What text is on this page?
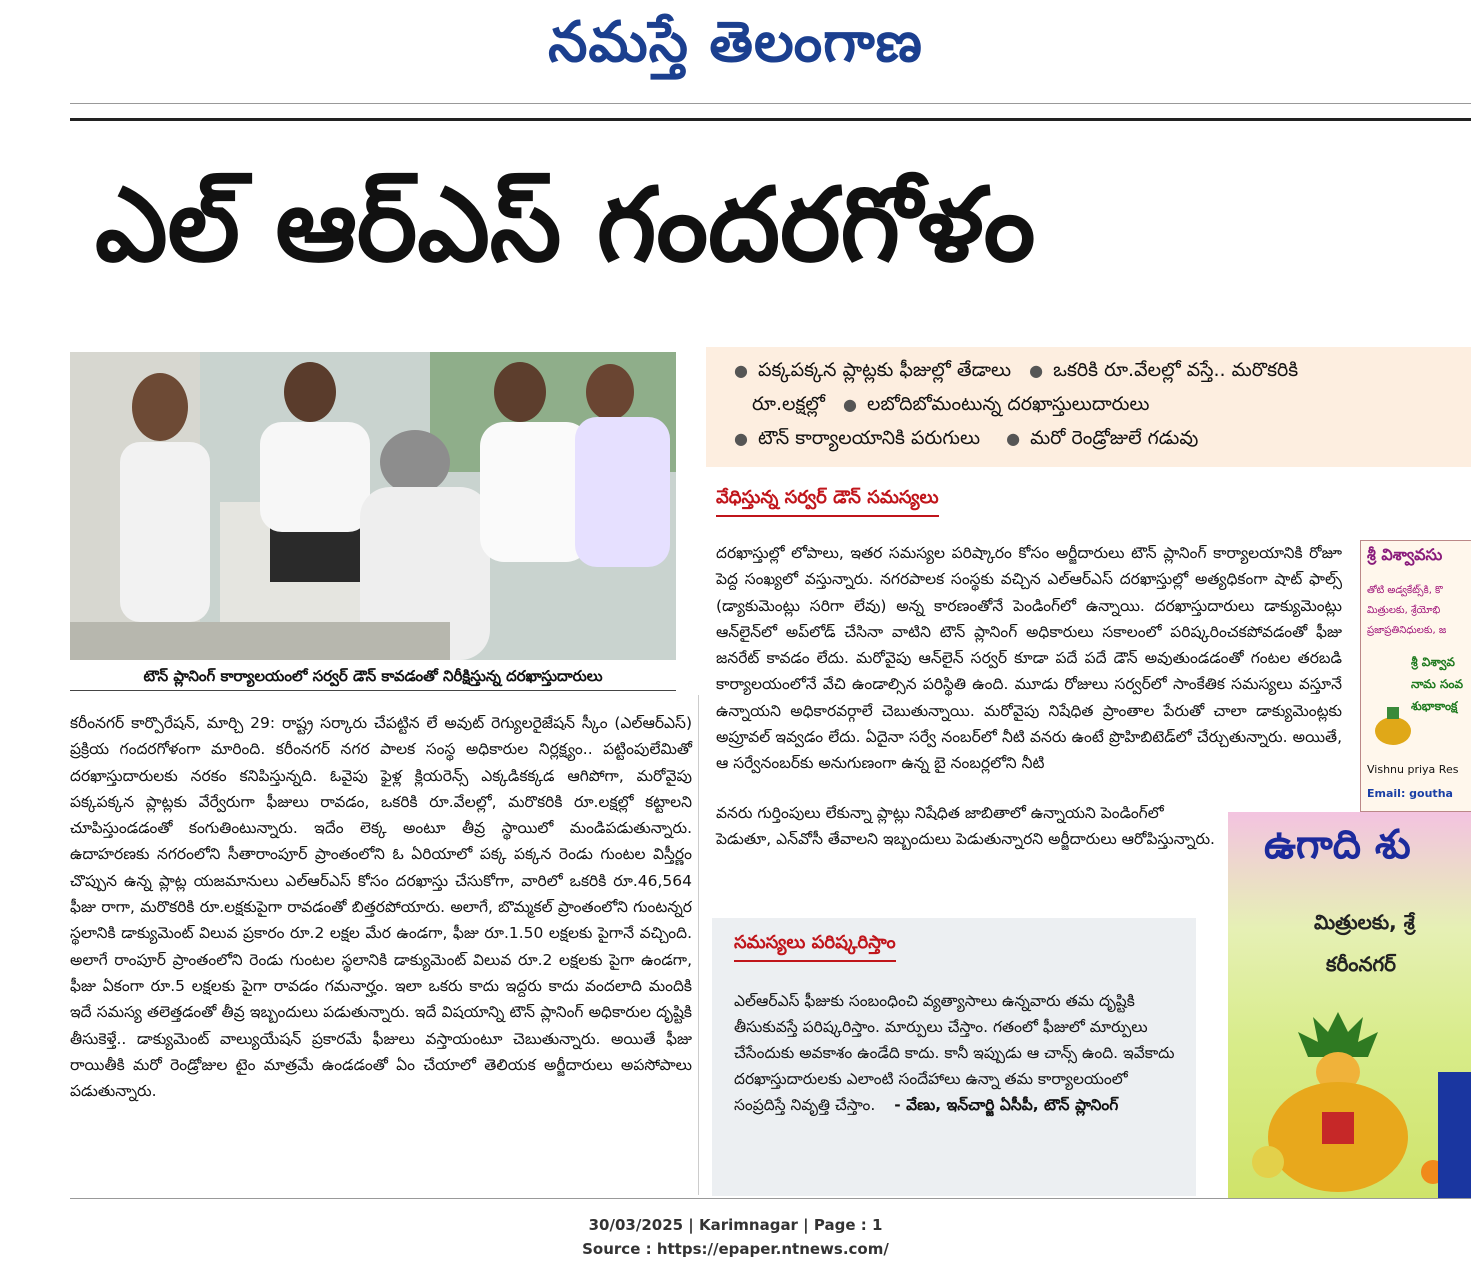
నమస్తే తెలంగాణ
ఎల్ ఆర్‌ఎస్ గందరగోళం
టౌన్ ప్లానింగ్ కార్యాలయంలో సర్వర్ డౌన్ కావడంతో నిరీక్షిస్తున్న దరఖాస్తుదారులు
కరీంనగర్ కార్పొరేషన్, మార్చి 29: రాష్ట్ర సర్కారు చేపట్టిన లే అవుట్ రెగ్యులరైజేషన్ స్కీం (ఎల్‌ఆర్‌ఎస్) ప్రక్రియ గందరగోళంగా మారింది. కరీంనగర్ నగర పాలక సంస్థ అధికారుల నిర్లక్ష్యం.. పట్టింపులేమితో దరఖాస్తుదారులకు నరకం కనిపిస్తున్నది. ఓవైపు ఫైళ్ల క్లియరెన్స్ ఎక్కడికక్కడ ఆగిపోగా, మరోవైపు పక్కపక్కన ప్లాట్లకు వేర్వేరుగా ఫీజులు రావడం, ఒకరికి రూ.వేలల్లో, మరొకరికి రూ.లక్షల్లో కట్టాలని చూపిస్తుండడంతో కంగుతింటున్నారు. ఇదేం లెక్క అంటూ తీవ్ర స్థాయిలో మండిపడుతున్నారు. ఉదాహరణకు నగరంలోని సీతారాంపూర్ ప్రాంతంలోని ఓ ఏరియాలో పక్క పక్కన రెండు గుంటల విస్తీర్ణం చొప్పున ఉన్న ప్లాట్ల యజమానులు ఎల్‌ఆర్‌ఎస్ కోసం దరఖాస్తు చేసుకోగా, వారిలో ఒకరికి రూ.46,564 ఫీజు రాగా, మరొకరికి రూ.లక్షకుపైగా రావడంతో బిత్తరపోయారు. అలాగే, బొమ్మకల్ ప్రాంతంలోని గుంటన్నర స్థలానికి డాక్యుమెంట్ విలువ ప్రకారం రూ.2 లక్షల మేర ఉండగా, ఫీజు రూ.1.50 లక్షలకు పైగానే వచ్చింది. అలాగే రాంపూర్ ప్రాంతంలోని రెండు గుంటల స్థలానికి డాక్యుమెంట్ విలువ రూ.2 లక్షలకు పైగా ఉండగా, ఫీజు ఏకంగా రూ.5 లక్షలకు పైగా రావడం గమనార్హం. ఇలా ఒకరు కాదు ఇద్దరు కాదు వందలాది మందికి ఇదే సమస్య తలెత్తడంతో తీవ్ర ఇబ్బందులు పడుతున్నారు. ఇదే విషయాన్ని టౌన్ ప్లానింగ్ అధికారుల దృష్టికి తీసుకెళ్తే.. డాక్యుమెంట్ వాల్యుయేషన్ ప్రకారమే ఫీజులు వస్తాయంటూ చెబుతున్నారు. అయితే ఫీజు రాయితీకి మరో రెండ్రోజుల టైం మాత్రమే ఉండడంతో ఏం చేయాలో తెలియక అర్జీదారులు అపసోపాలు పడుతున్నారు.
● పక్కపక్కన ప్లాట్లకు ఫీజుల్లో తేడాలు ● ఒకరికి రూ.వేలల్లో వస్తే.. మరొకరికి
రూ.లక్షల్లో ● లబోదిబోమంటున్న దరఖాస్తులుదారులు
● టౌన్ కార్యాలయానికి పరుగులు ● మరో రెండ్రోజులే గడువు
వేధిస్తున్న సర్వర్ డౌన్ సమస్యలు
దరఖాస్తుల్లో లోపాలు, ఇతర సమస్యల పరిష్కారం కోసం అర్జీదారులు టౌన్ ప్లానింగ్ కార్యాలయానికి రోజూ పెద్ద సంఖ్యలో వస్తున్నారు. నగరపాలక సంస్థకు వచ్చిన ఎల్‌ఆర్‌ఎస్ దరఖాస్తుల్లో అత్యధికంగా షాట్ ఫాల్స్ (డ్యాకుమెంట్లు సరిగా లేవు) అన్న కారణంతోనే పెండింగ్‌లో ఉన్నాయి. దరఖాస్తుదారులు డాక్యుమెంట్లు ఆన్‌లైన్‌లో అప్‌లోడ్ చేసినా వాటిని టౌన్ ప్లానింగ్ అధికారులు సకాలంలో పరిష్కరించకపోవడంతో ఫీజు జనరేట్ కావడం లేదు. మరోవైపు ఆన్‌లైన్ సర్వర్ కూడా పదే పదే డౌన్ అవుతుండడంతో గంటల తరబడి కార్యాలయంలోనే వేచి ఉండాల్సిన పరిస్థితి ఉంది. మూడు రోజులు సర్వర్‌లో సాంకేతిక సమస్యలు వస్తూనే ఉన్నాయని అధికారవర్గాలే చెబుతున్నాయి. మరోవైపు నిషేధిత ప్రాంతాల పేరుతో చాలా డాక్యుమెంట్లకు అప్రూవల్ ఇవ్వడం లేదు. ఏదైనా సర్వే నంబర్‌లో నీటి వనరు ఉంటే ప్రొహిబిటెడ్‌లో చేర్చుతున్నారు. అయితే, ఆ సర్వేనంబర్‌కు అనుగుణంగా ఉన్న బై నంబర్లలోని నీటి
వనరు గుర్తింపులు లేకున్నా ప్లాట్లు నిషేధిత జాబితాలో ఉన్నాయని పెండింగ్‌లో పెడుతూ, ఎన్‌వోసీ తేవాలని ఇబ్బందులు పెడుతున్నారని అర్జీదారులు ఆరోపిస్తున్నారు.
సమస్యలు పరిష్కరిస్తాం
ఎల్‌ఆర్‌ఎస్ ఫీజుకు సంబంధించి వ్యత్యాసాలు ఉన్నవారు తమ దృష్టికి తీసుకువస్తే పరిష్కరిస్తాం. మార్పులు చేస్తాం. గతంలో ఫీజులో మార్పులు చేసేందుకు అవకాశం ఉండేది కాదు. కానీ ఇప్పుడు ఆ చాన్స్ ఉంది. ఇవేకాదు దరఖాస్తుదారులకు ఎలాంటి సందేహాలు ఉన్నా తమ కార్యాలయంలో సంప్రదిస్తే నివృత్తి చేస్తాం. - వేణు, ఇన్‌చార్జి ఏసీపీ, టౌన్ ప్లానింగ్
శ్రీ విశ్వావసు
తోటి అడ్వకేట్స్‌కి, కొ
మిత్రులకు, శ్రేయోభి
ప్రజాప్రతినిధులకు, జ
శ్రీ విశ్వావ
నామ సంవ
శుభాకాంక్ష
Vishnu priya Res
Email: goutha
ఉగాది శు
మిత్రులకు, శ్రే
కరీంనగర్
30/03/2025 | Karimnagar | Page : 1
Source : https://epaper.ntnews.com/
